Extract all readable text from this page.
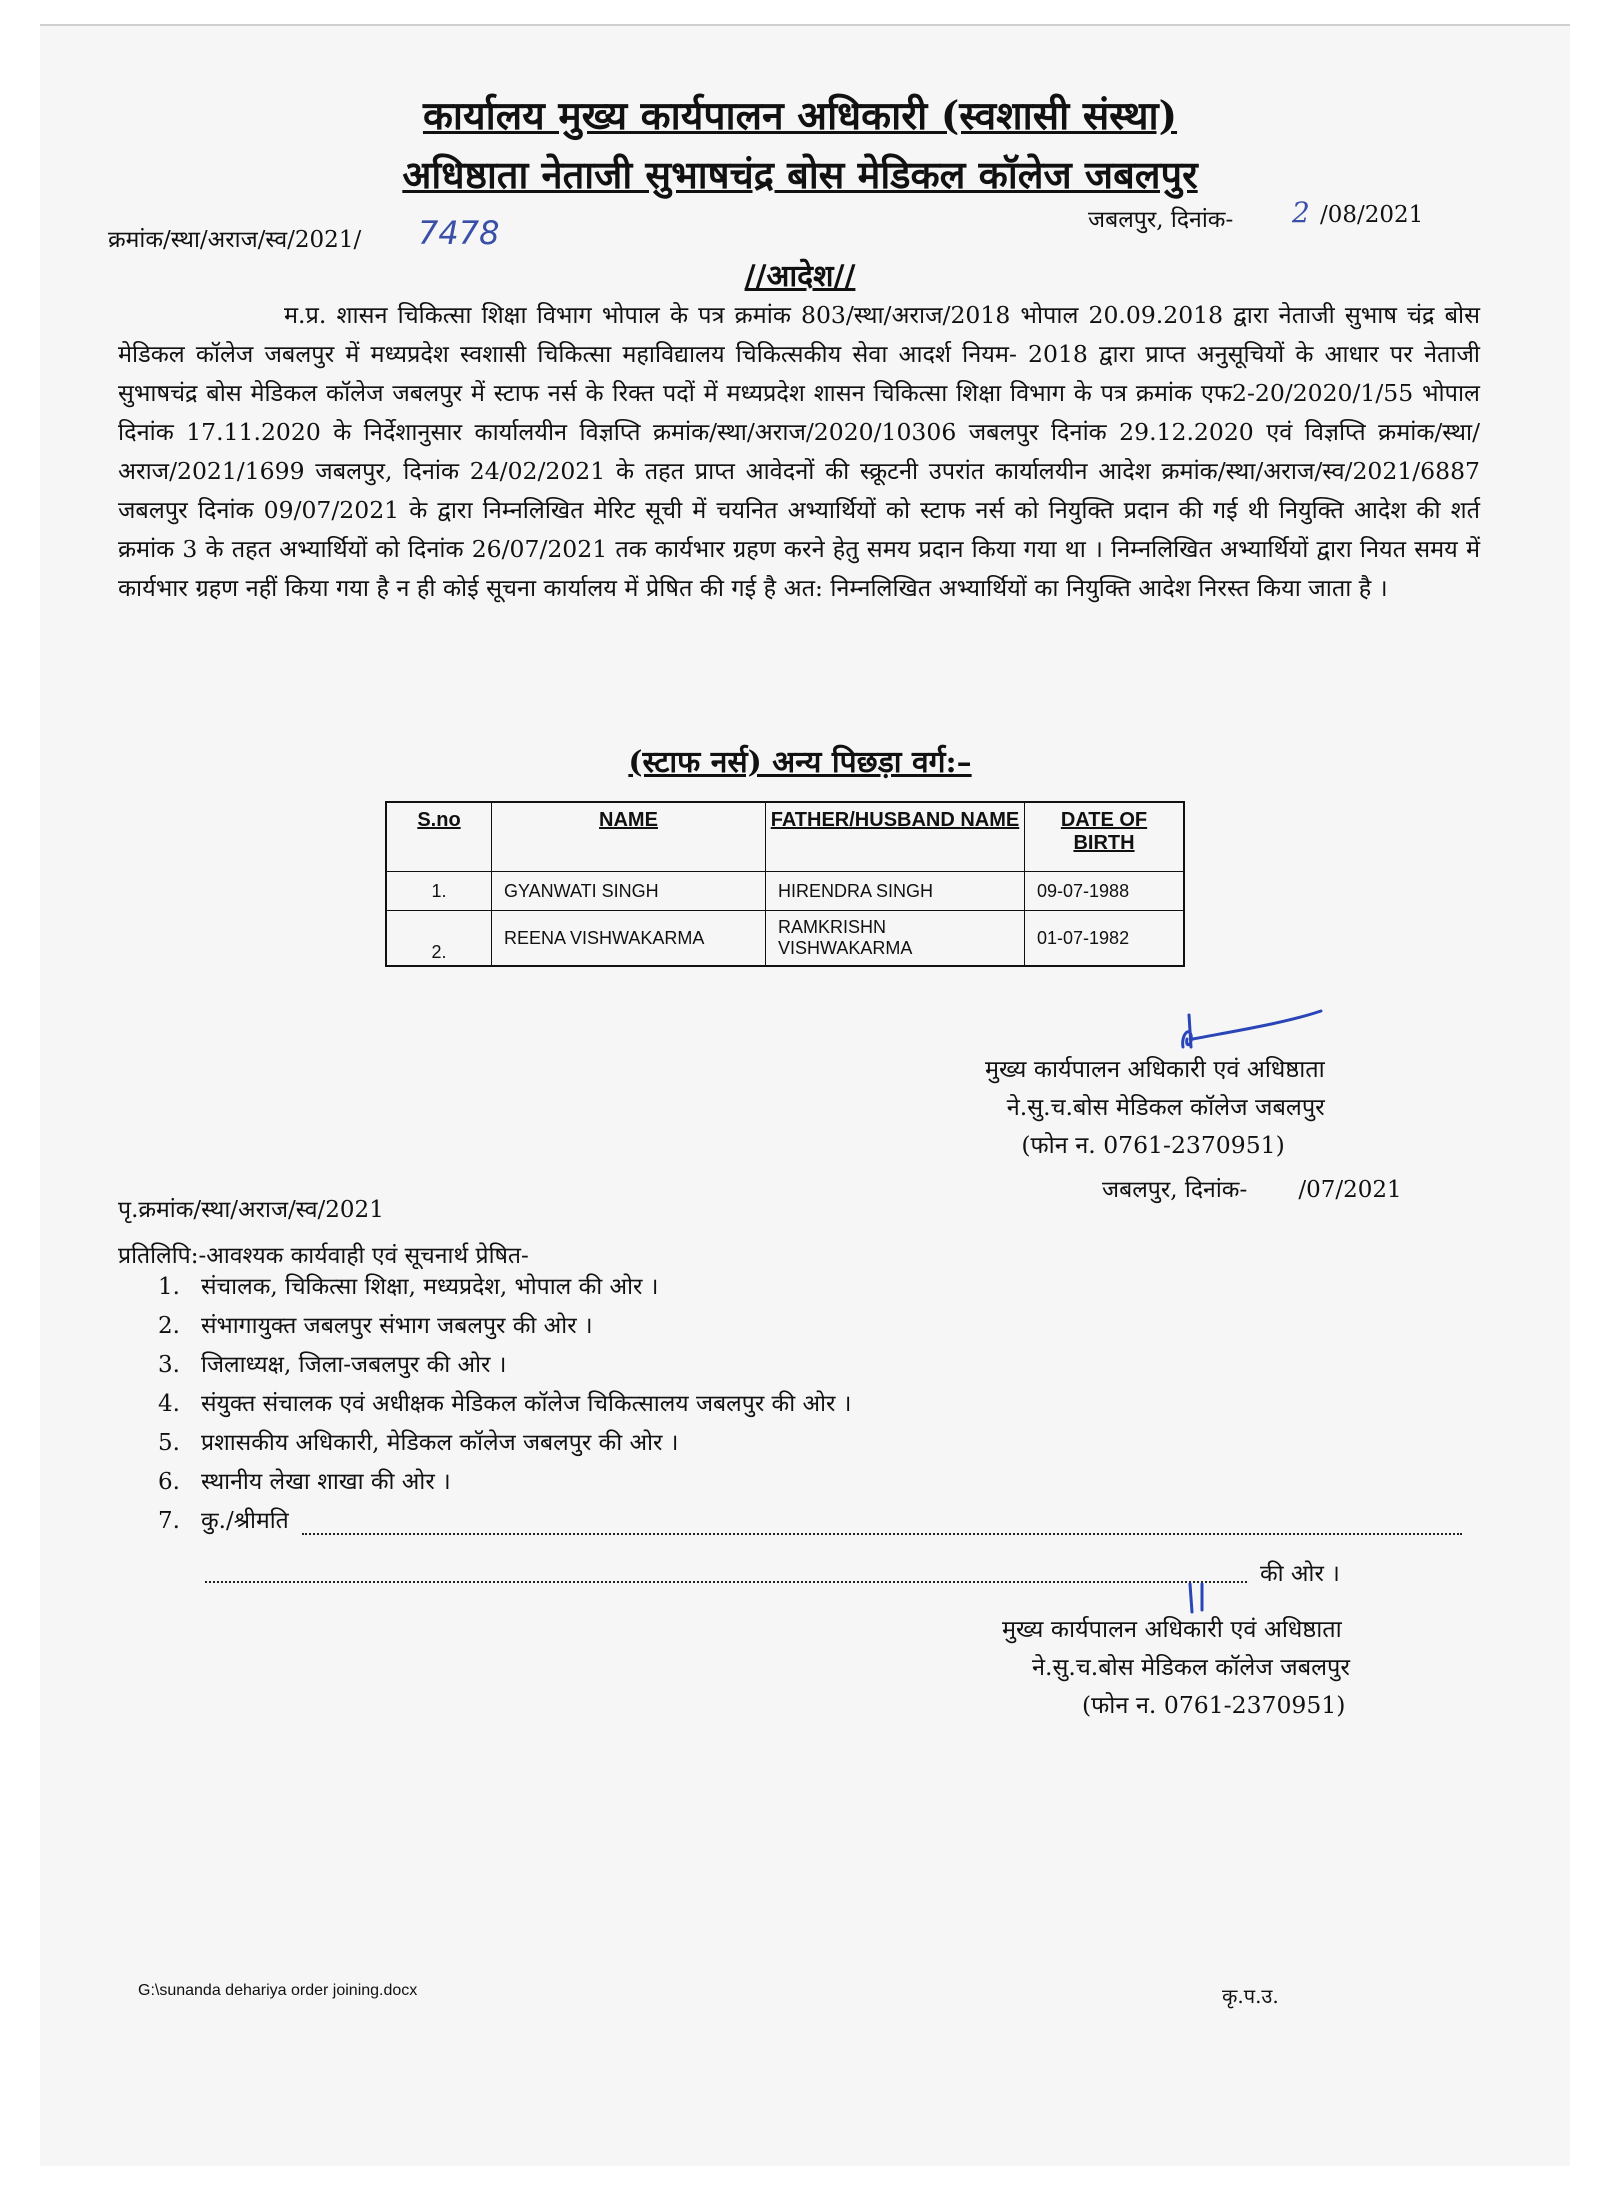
कार्यालय मुख्य कार्यपालन अधिकारी (स्वशासी संस्था)
अधिष्ठाता नेताजी सुभाषचंद्र बोस मेडिकल कॉलेज जबलपुर
क्रमांक/स्था/अराज/स्व/2021/ 7478	जबलपुर, दिनांक- 2 /08/2021
//आदेश//
म.प्र. शासन चिकित्सा शिक्षा विभाग भोपाल के पत्र क्रमांक 803/स्था/अराज/2018 भोपाल 20.09.2018 द्वारा नेताजी सुभाष चंद्र बोस मेडिकल कॉलेज जबलपुर में मध्यप्रदेश स्वशासी चिकित्सा महाविद्यालय चिकित्सकीय सेवा आदर्श नियम- 2018 द्वारा प्राप्त अनुसूचियों के आधार पर नेताजी सुभाषचंद्र बोस मेडिकल कॉलेज जबलपुर में स्टाफ नर्स के रिक्त पदों में मध्यप्रदेश शासन चिकित्सा शिक्षा विभाग के पत्र क्रमांक एफ2-20/2020/1/55 भोपाल दिनांक 17.11.2020 के निर्देशानुसार कार्यालयीन विज्ञप्ति क्रमांक/स्था/अराज/2020/10306 जबलपुर दिनांक 29.12.2020 एवं विज्ञप्ति क्रमांक/स्था/ अराज/2021/1699 जबलपुर, दिनांक 24/02/2021 के तहत प्राप्त आवेदनों की स्क्रूटनी उपरांत कार्यालयीन आदेश क्रमांक/स्था/अराज/स्व/2021/6887 जबलपुर दिनांक 09/07/2021 के द्वारा निम्नलिखित मेरिट सूची में चयनित अभ्यार्थियों को स्टाफ नर्स को नियुक्ति प्रदान की गई थी नियुक्ति आदेश की शर्त क्रमांक 3 के तहत अभ्यार्थियों को दिनांक 26/07/2021 तक कार्यभार ग्रहण करने हेतु समय प्रदान किया गया था । निम्नलिखित अभ्यार्थियों द्वारा नियत समय में कार्यभार ग्रहण नहीं किया गया है न ही कोई सूचना कार्यालय में प्रेषित की गई है अत: निम्नलिखित अभ्यार्थियों का नियुक्ति आदेश निरस्त किया जाता है ।
(स्टाफ नर्स) अन्य पिछड़ा वर्ग:–
S.no	NAME	FATHER/HUSBAND NAME	DATE OF BIRTH
1.	GYANWATI SINGH	HIRENDRA SINGH	09-07-1988
2.	REENA VISHWAKARMA	RAMKRISHN VISHWAKARMA	01-07-1982
मुख्य कार्यपालन अधिकारी एवं अधिष्ठाता
ने.सु.च.बोस मेडिकल कॉलेज जबलपुर
(फोन न. 0761-2370951)
जबलपुर, दिनांक-       /07/2021
पृ.क्रमांक/स्था/अराज/स्व/2021
प्रतिलिपि:-आवश्यक कार्यवाही एवं सूचनार्थ प्रेषित-
1. संचालक, चिकित्सा शिक्षा, मध्यप्रदेश, भोपाल की ओर ।
2. संभागायुक्त जबलपुर संभाग जबलपुर की ओर ।
3. जिलाध्यक्ष, जिला-जबलपुर की ओर ।
4. संयुक्त संचालक एवं अधीक्षक मेडिकल कॉलेज चिकित्सालय जबलपुर की ओर ।
5. प्रशासकीय अधिकारी, मेडिकल कॉलेज जबलपुर की ओर ।
6. स्थानीय लेखा शाखा की ओर ।
7. कु./श्रीमति
की ओर ।
मुख्य कार्यपालन अधिकारी एवं अधिष्ठाता
ने.सु.च.बोस मेडिकल कॉलेज जबलपुर
(फोन न. 0761-2370951)
G:\sunanda dehariya order joining.docx	कृ.प.उ.
